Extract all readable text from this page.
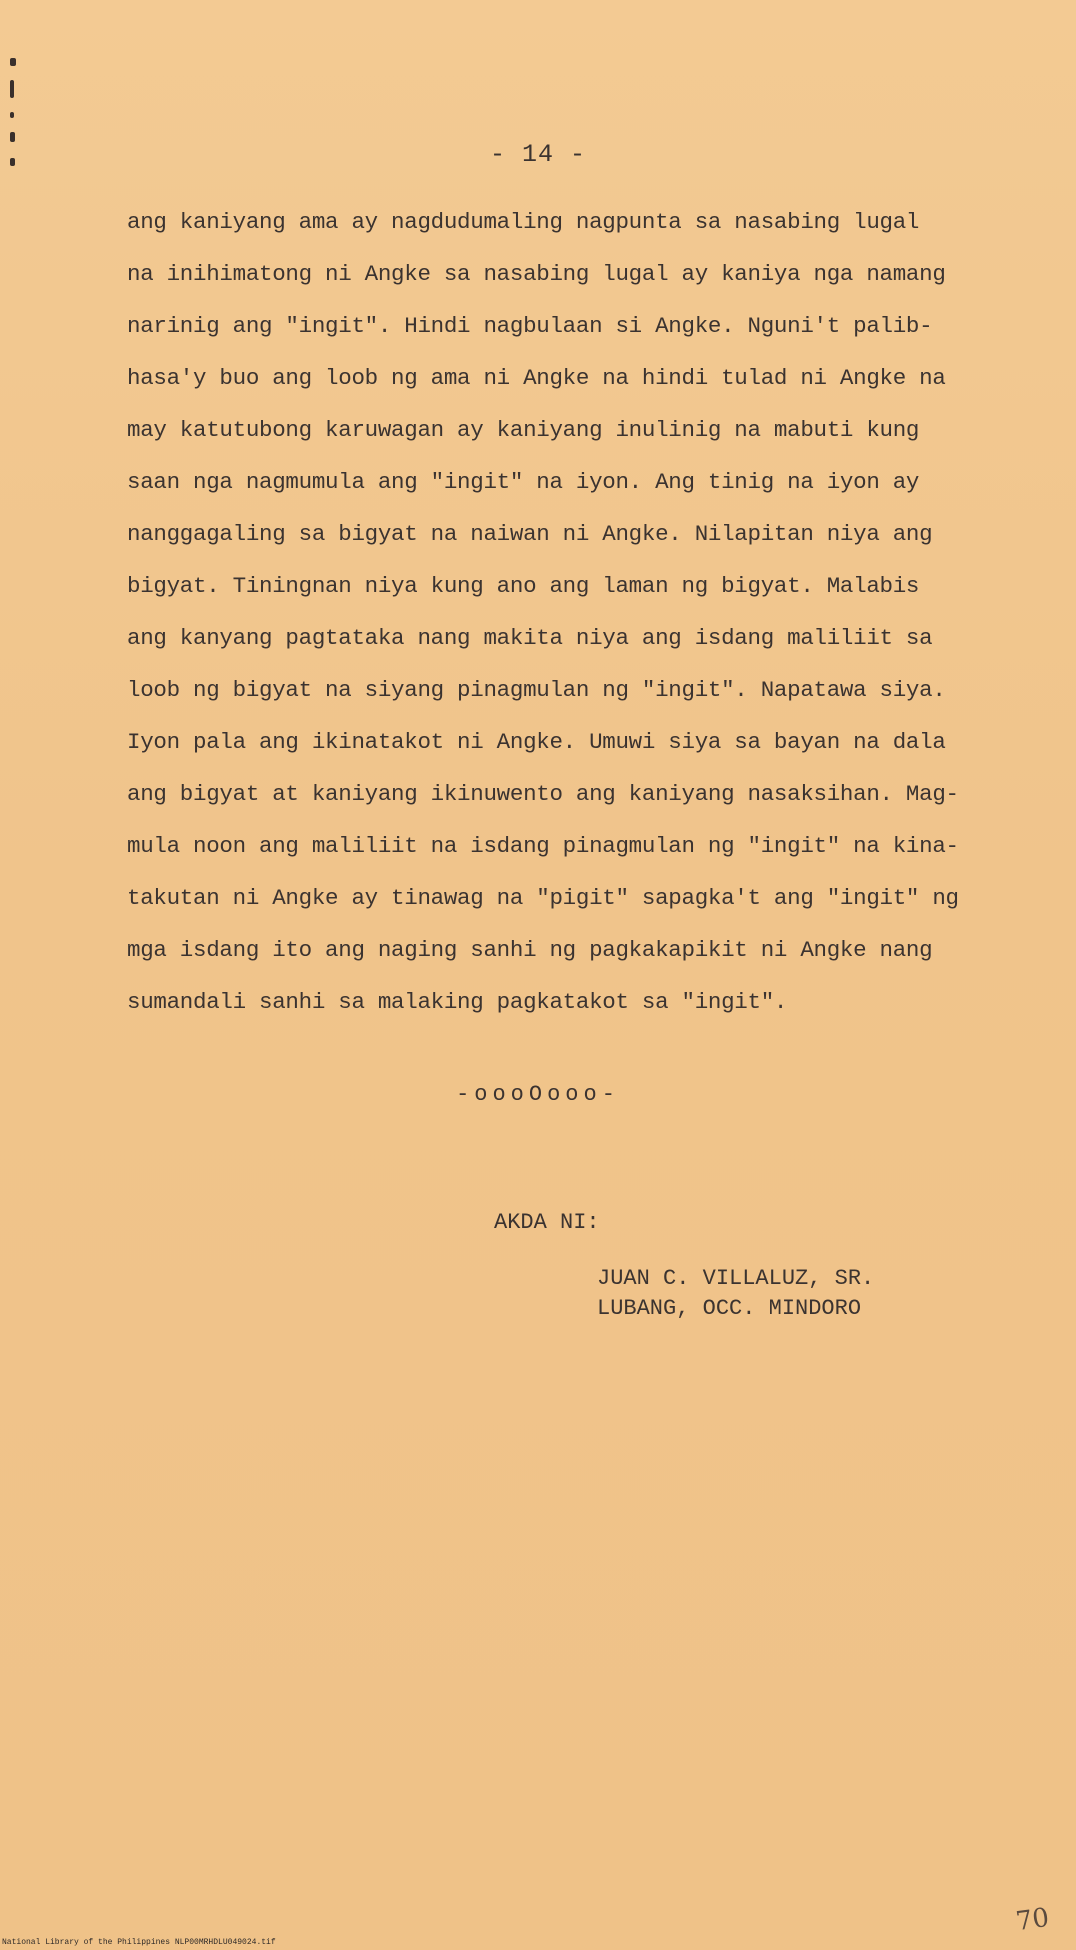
- 14 -
ang kaniyang ama ay nagdudumaling nagpunta sa nasabing lugal
na inihimatong ni Angke sa nasabing lugal ay kaniya nga namang
narinig ang "ingit". Hindi nagbulaan si Angke. Nguni't palib-
hasa'y buo ang loob ng ama ni Angke na hindi tulad ni Angke na
may katutubong karuwagan ay kaniyang inulinig na mabuti kung
saan nga nagmumula ang "ingit" na iyon. Ang tinig na iyon ay
nanggagaling sa bigyat na naiwan ni Angke. Nilapitan niya ang
bigyat. Tiningnan niya kung ano ang laman ng bigyat. Malabis
ang kanyang pagtataka nang makita niya ang isdang maliliit sa
loob ng bigyat na siyang pinagmulan ng "ingit". Napatawa siya.
Iyon pala ang ikinatakot ni Angke. Umuwi siya sa bayan na dala
ang bigyat at kaniyang ikinuwento ang kaniyang nasaksihan. Mag-
mula noon ang maliliit na isdang pinagmulan ng "ingit" na kina-
takutan ni Angke ay tinawag na "pigit" sapagka't ang "ingit" ng
mga isdang ito ang naging sanhi ng pagkakapikit ni Angke nang
sumandali sanhi sa malaking pagkatakot sa "ingit".
-oooOooo-
AKDA NI:
JUAN C. VILLALUZ, SR.
LUBANG, OCC. MINDORO
70
National Library of the Philippines NLP00MRHDLU049024.tif
